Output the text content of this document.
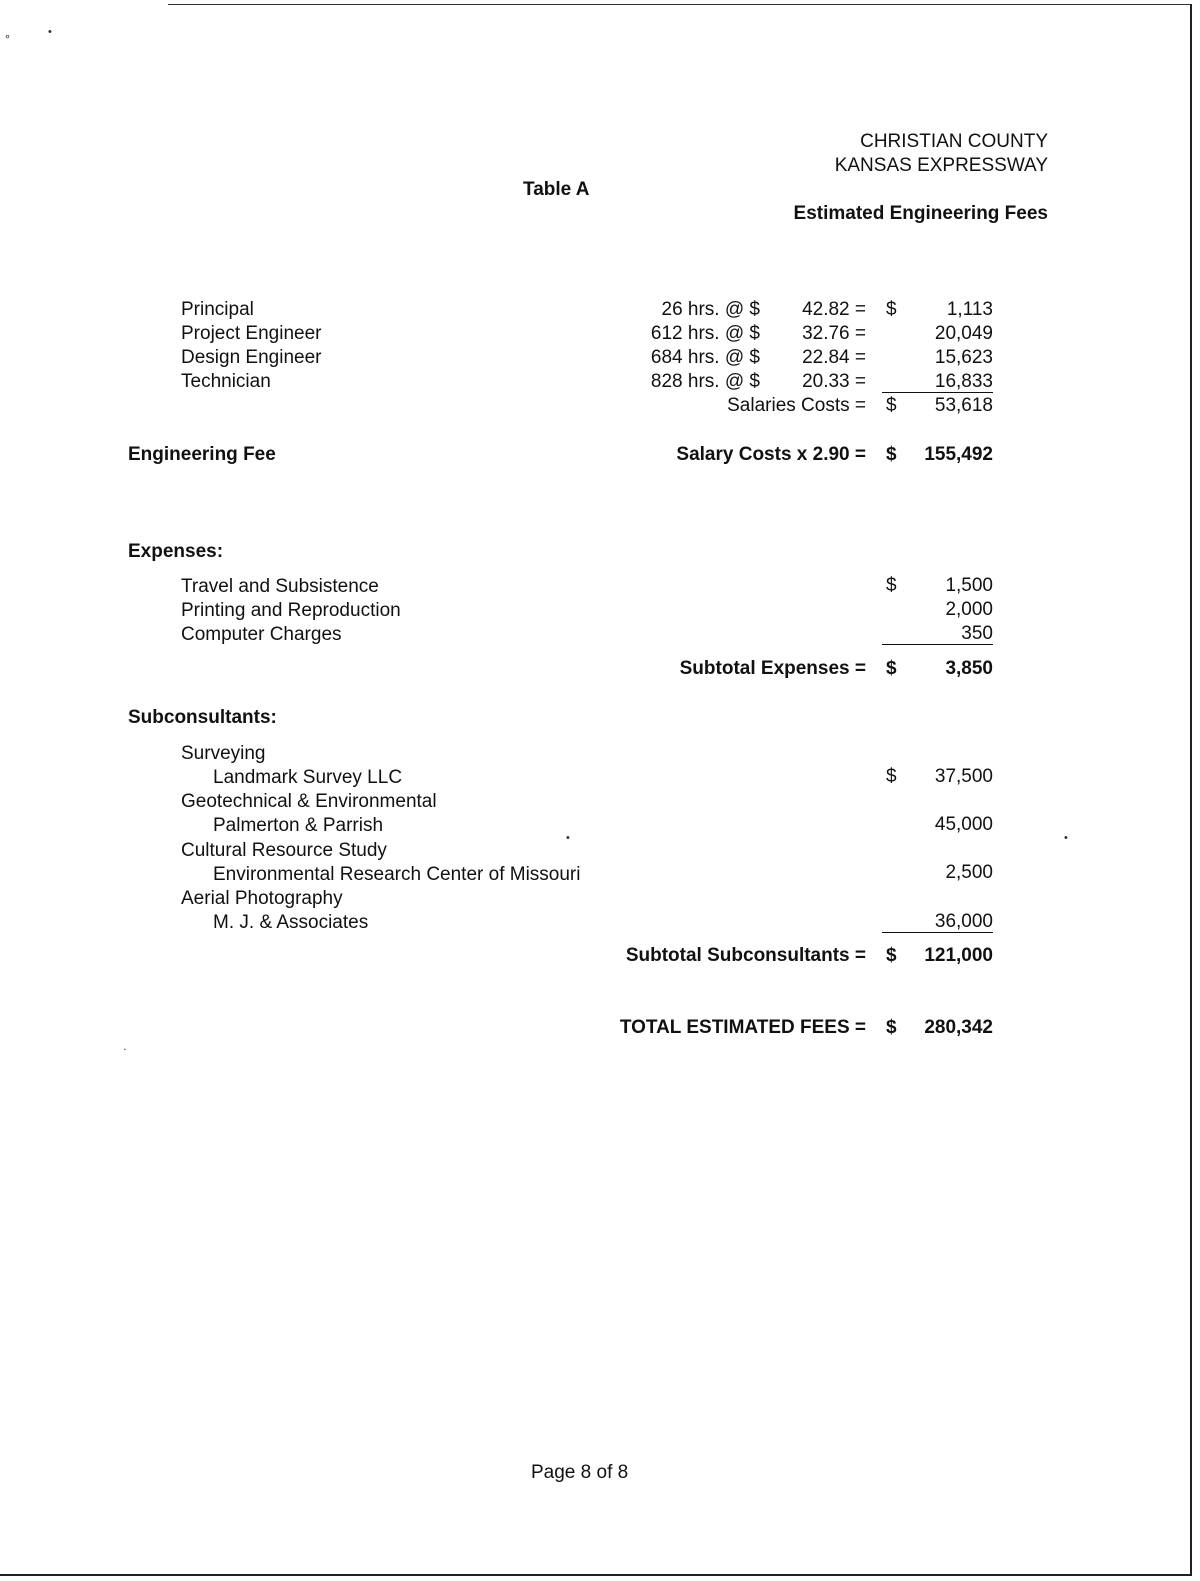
∘	•
․
•	•
CHRISTIAN COUNTY
KANSAS EXPRESSWAY
Table A
Estimated Engineering Fees
Principal	26 hrs. @ $ 42.82 = $	1,113
Project Engineer	612 hrs. @ $ 32.76 =	20,049
Design Engineer	684 hrs. @ $ 22.84 =	15,623
Technician	828 hrs. @ $ 20.33 =	16,833
Salaries Costs = $ 53,618
Engineering Fee	Salary Costs x 2.90 = $ 155,492
Expenses:
Travel and Subsistence	$	1,500
Printing and Reproduction	2,000
Computer Charges	350
Subtotal Expenses = $	3,850
Subconsultants:
Surveying
Landmark Survey LLC	$ 37,500
Geotechnical & Environmental
Palmerton & Parrish	45,000
Cultural Resource Study
Environmental Research Center of Missouri	2,500
Aerial Photography
M. J. & Associates	36,000
Subtotal Subconsultants = $ 121,000
TOTAL ESTIMATED FEES = $ 280,342
Page 8 of 8
